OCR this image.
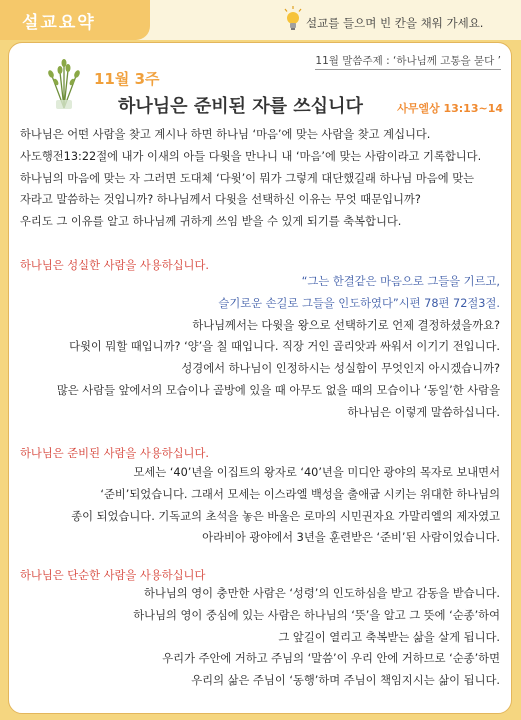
설교요약	설교를 들으며 빈 칸을 채워 가세요.
11월 3주
11월 말씀주제 : ‘하나님께 고통을 묻다 ’
하나님은 준비된 자를 쓰십니다	사무엘상 13:13~14

하나님은 어떤 사람을 찾고 계시나 하면 하나님 ‘마음’에 맞는 사람을 찾고 계십니다.

사도행전13:22절에 내가 이새의 아들 다윗을 만나니 내 ‘마음’에 맞는 사람이라고 기록합니다.

하나님의 마음에 맞는 자 그러면 도대체 ‘다윗’이 뭐가 그렇게 대단했길래 하나님 마음에 맞는

자라고 말씀하는 것입니까? 하나님께서 다윗을 선택하신 이유는 무엇 때문입니까?

우리도 그 이유를 알고 하나님께 귀하게 쓰임 받을 수 있게 되기를 축복합니다.

하나님은 성실한 사람을 사용하십니다.

“그는 한결같은 마음으로 그들을 기르고,

슬기로운 손길로 그들을 인도하였다”시편 78편 72절3절.

하나님께서는 다윗을 왕으로 선택하기로 언제 결정하셨을까요?

다윗이 뭐할 때입니까? ‘양’을 칠 때입니다. 직장 거인 골리앗과 싸워서 이기기 전입니다.

성경에서 하나님이 인정하시는 성실함이 무엇인지 아시겠습니까?

많은 사람들 앞에서의 모습이나 골방에 있을 때 아무도 없을 때의 모습이나 ‘동일’한 사람을

하나님은 이렇게 말씀하십니다.

하나님은 준비된 사람을 사용하십니다.

모세는 ‘40’년을 이집트의 왕자로 ‘40’년을 미디안 광야의 목자로 보내면서

‘준비’되었습니다. 그래서 모세는 이스라엘 백성을 출애굽 시키는 위대한 하나님의

종이 되었습니다. 기독교의 초석을 놓은 바울은 로마의 시민권자요 가말리엘의 제자였고

아라비아 광야에서 3년을 훈련받은 ‘준비’된 사람이었습니다.

하나님은 단순한 사람을 사용하십니다

하나님의 영이 충만한 사람은 ‘성령’의 인도하심을 받고 감동을 받습니다.

하나님의 영이 중심에 있는 사람은 하나님의 ‘뜻’을 알고 그 뜻에 ‘순종’하여

그 앞길이 열리고 축복받는 삶을 살게 됩니다.

우리가 주안에 거하고 주님의 ‘말씀’이 우리 안에 거하므로 ‘순종’하면

우리의 삶은 주님이 ‘동행’하며 주님이 책임지시는 삶이 됩니다.
